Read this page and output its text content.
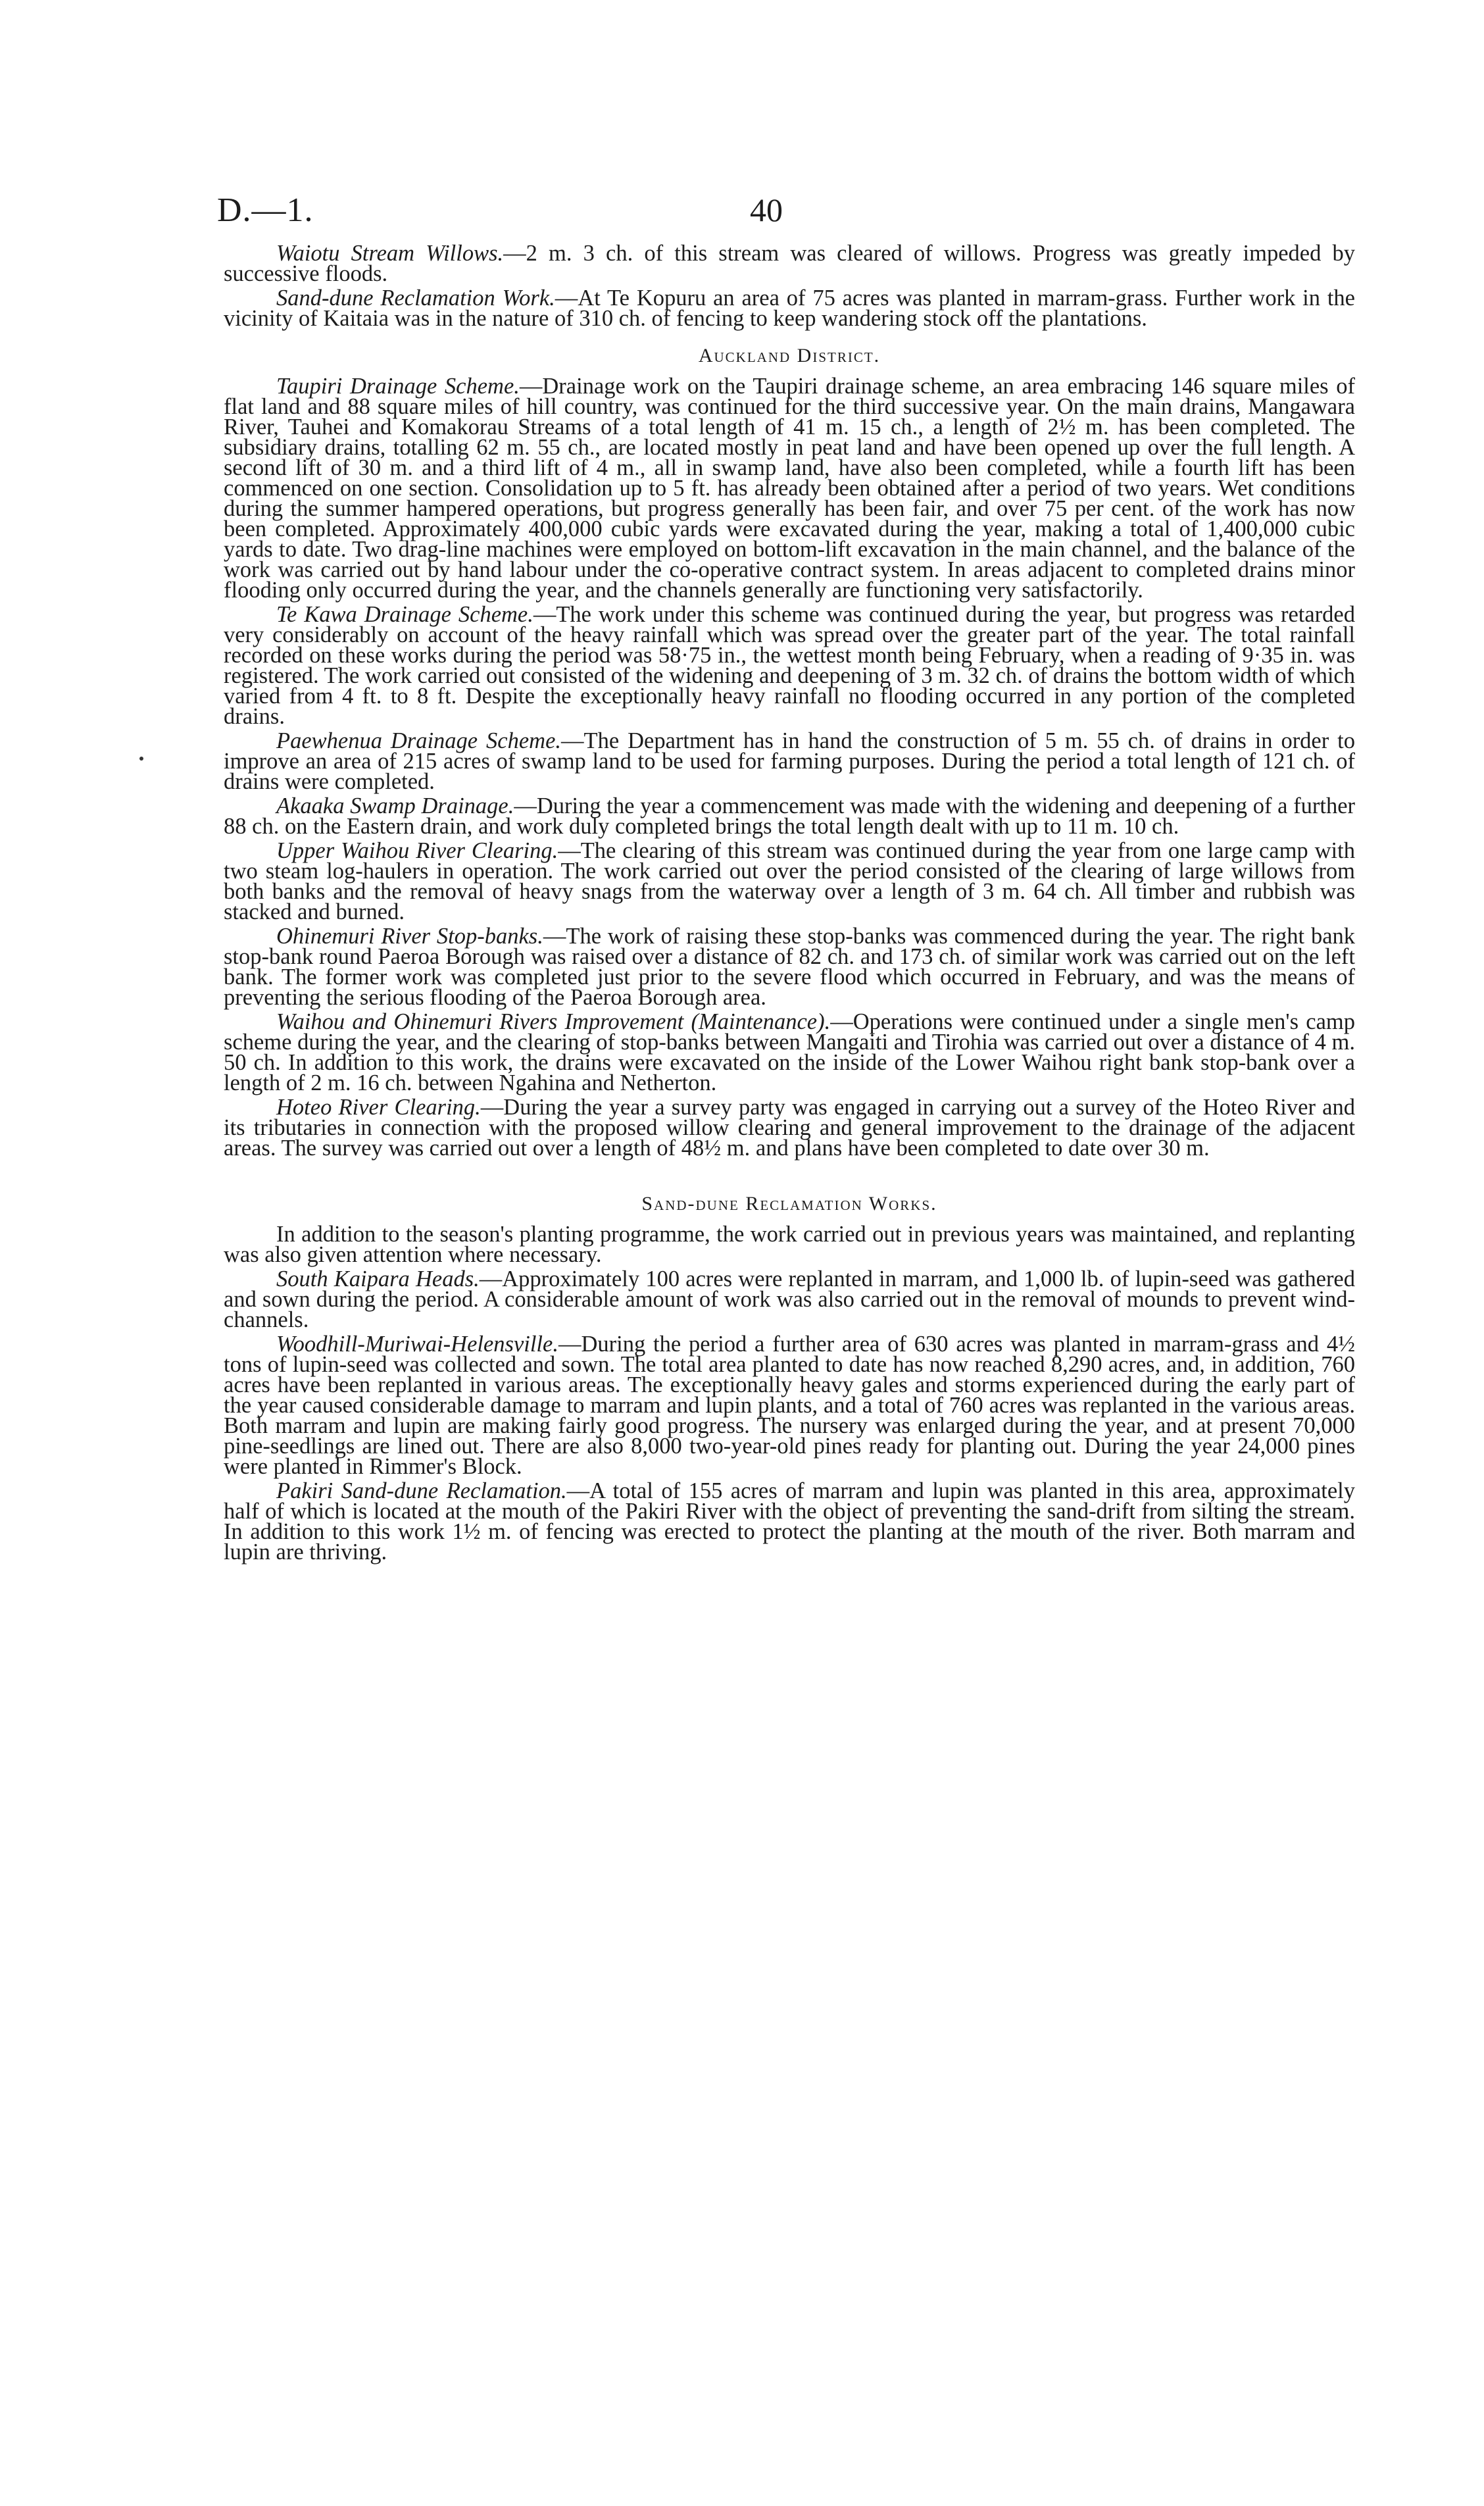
D.—1.	40

Waiotu Stream Willows.—2 m. 3 ch. of this stream was cleared of willows. Progress was greatly impeded by successive floods.

Sand-dune Reclamation Work.—At Te Kopuru an area of 75 acres was planted in marram-grass. Further work in the vicinity of Kaitaia was in the nature of 310 ch. of fencing to keep wandering stock off the plantations.

Auckland District.

Taupiri Drainage Scheme.—Drainage work on the Taupiri drainage scheme, an area embracing 146 square miles of flat land and 88 square miles of hill country, was continued for the third successive year. On the main drains, Mangawara River, Tauhei and Komakorau Streams of a total length of 41 m. 15 ch., a length of 2½ m. has been completed. The subsidiary drains, totalling 62 m. 55 ch., are located mostly in peat land and have been opened up over the full length. A second lift of 30 m. and a third lift of 4 m., all in swamp land, have also been completed, while a fourth lift has been commenced on one section. Consolidation up to 5 ft. has already been obtained after a period of two years. Wet conditions during the summer hampered operations, but progress generally has been fair, and over 75 per cent. of the work has now been completed. Approximately 400,000 cubic yards were excavated during the year, making a total of 1,400,000 cubic yards to date. Two drag-line machines were employed on bottom-lift excavation in the main channel, and the balance of the work was carried out by hand labour under the co-operative contract system. In areas adjacent to completed drains minor flooding only occurred during the year, and the channels generally are functioning very satisfactorily.

Te Kawa Drainage Scheme.—The work under this scheme was continued during the year, but progress was retarded very considerably on account of the heavy rainfall which was spread over the greater part of the year. The total rainfall recorded on these works during the period was 58·75 in., the wettest month being February, when a reading of 9·35 in. was registered. The work carried out consisted of the widening and deepening of 3 m. 32 ch. of drains the bottom width of which varied from 4 ft. to 8 ft. Despite the exceptionally heavy rainfall no flooding occurred in any portion of the completed drains.

Paewhenua Drainage Scheme.—The Department has in hand the construction of 5 m. 55 ch. of drains in order to improve an area of 215 acres of swamp land to be used for farming purposes. During the period a total length of 121 ch. of drains were completed.

Akaaka Swamp Drainage.—During the year a commencement was made with the widening and deepening of a further 88 ch. on the Eastern drain, and work duly completed brings the total length dealt with up to 11 m. 10 ch.

Upper Waihou River Clearing.—The clearing of this stream was continued during the year from one large camp with two steam log-haulers in operation. The work carried out over the period consisted of the clearing of large willows from both banks and the removal of heavy snags from the waterway over a length of 3 m. 64 ch. All timber and rubbish was stacked and burned.

Ohinemuri River Stop-banks.—The work of raising these stop-banks was commenced during the year. The right bank stop-bank round Paeroa Borough was raised over a distance of 82 ch. and 173 ch. of similar work was carried out on the left bank. The former work was completed just prior to the severe flood which occurred in February, and was the means of preventing the serious flooding of the Paeroa Borough area.

Waihou and Ohinemuri Rivers Improvement (Maintenance).—Operations were continued under a single men's camp scheme during the year, and the clearing of stop-banks between Mangaiti and Tirohia was carried out over a distance of 4 m. 50 ch. In addition to this work, the drains were excavated on the inside of the Lower Waihou right bank stop-bank over a length of 2 m. 16 ch. between Ngahina and Netherton.

Hoteo River Clearing.—During the year a survey party was engaged in carrying out a survey of the Hoteo River and its tributaries in connection with the proposed willow clearing and general improvement to the drainage of the adjacent areas. The survey was carried out over a length of 48½ m. and plans have been completed to date over 30 m.

Sand-dune Reclamation Works.

In addition to the season's planting programme, the work carried out in previous years was maintained, and replanting was also given attention where necessary.

South Kaipara Heads.—Approximately 100 acres were replanted in marram, and 1,000 lb. of lupin-seed was gathered and sown during the period. A considerable amount of work was also carried out in the removal of mounds to prevent wind-channels.

Woodhill-Muriwai-Helensville.—During the period a further area of 630 acres was planted in marram-grass and 4½ tons of lupin-seed was collected and sown. The total area planted to date has now reached 8,290 acres, and, in addition, 760 acres have been replanted in various areas. The exceptionally heavy gales and storms experienced during the early part of the year caused considerable damage to marram and lupin plants, and a total of 760 acres was replanted in the various areas. Both marram and lupin are making fairly good progress. The nursery was enlarged during the year, and at present 70,000 pine-seedlings are lined out. There are also 8,000 two-year-old pines ready for planting out. During the year 24,000 pines were planted in Rimmer's Block.

Pakiri Sand-dune Reclamation.—A total of 155 acres of marram and lupin was planted in this area, approximately half of which is located at the mouth of the Pakiri River with the object of preventing the sand-drift from silting the stream. In addition to this work 1½ m. of fencing was erected to protect the planting at the mouth of the river. Both marram and lupin are thriving.
